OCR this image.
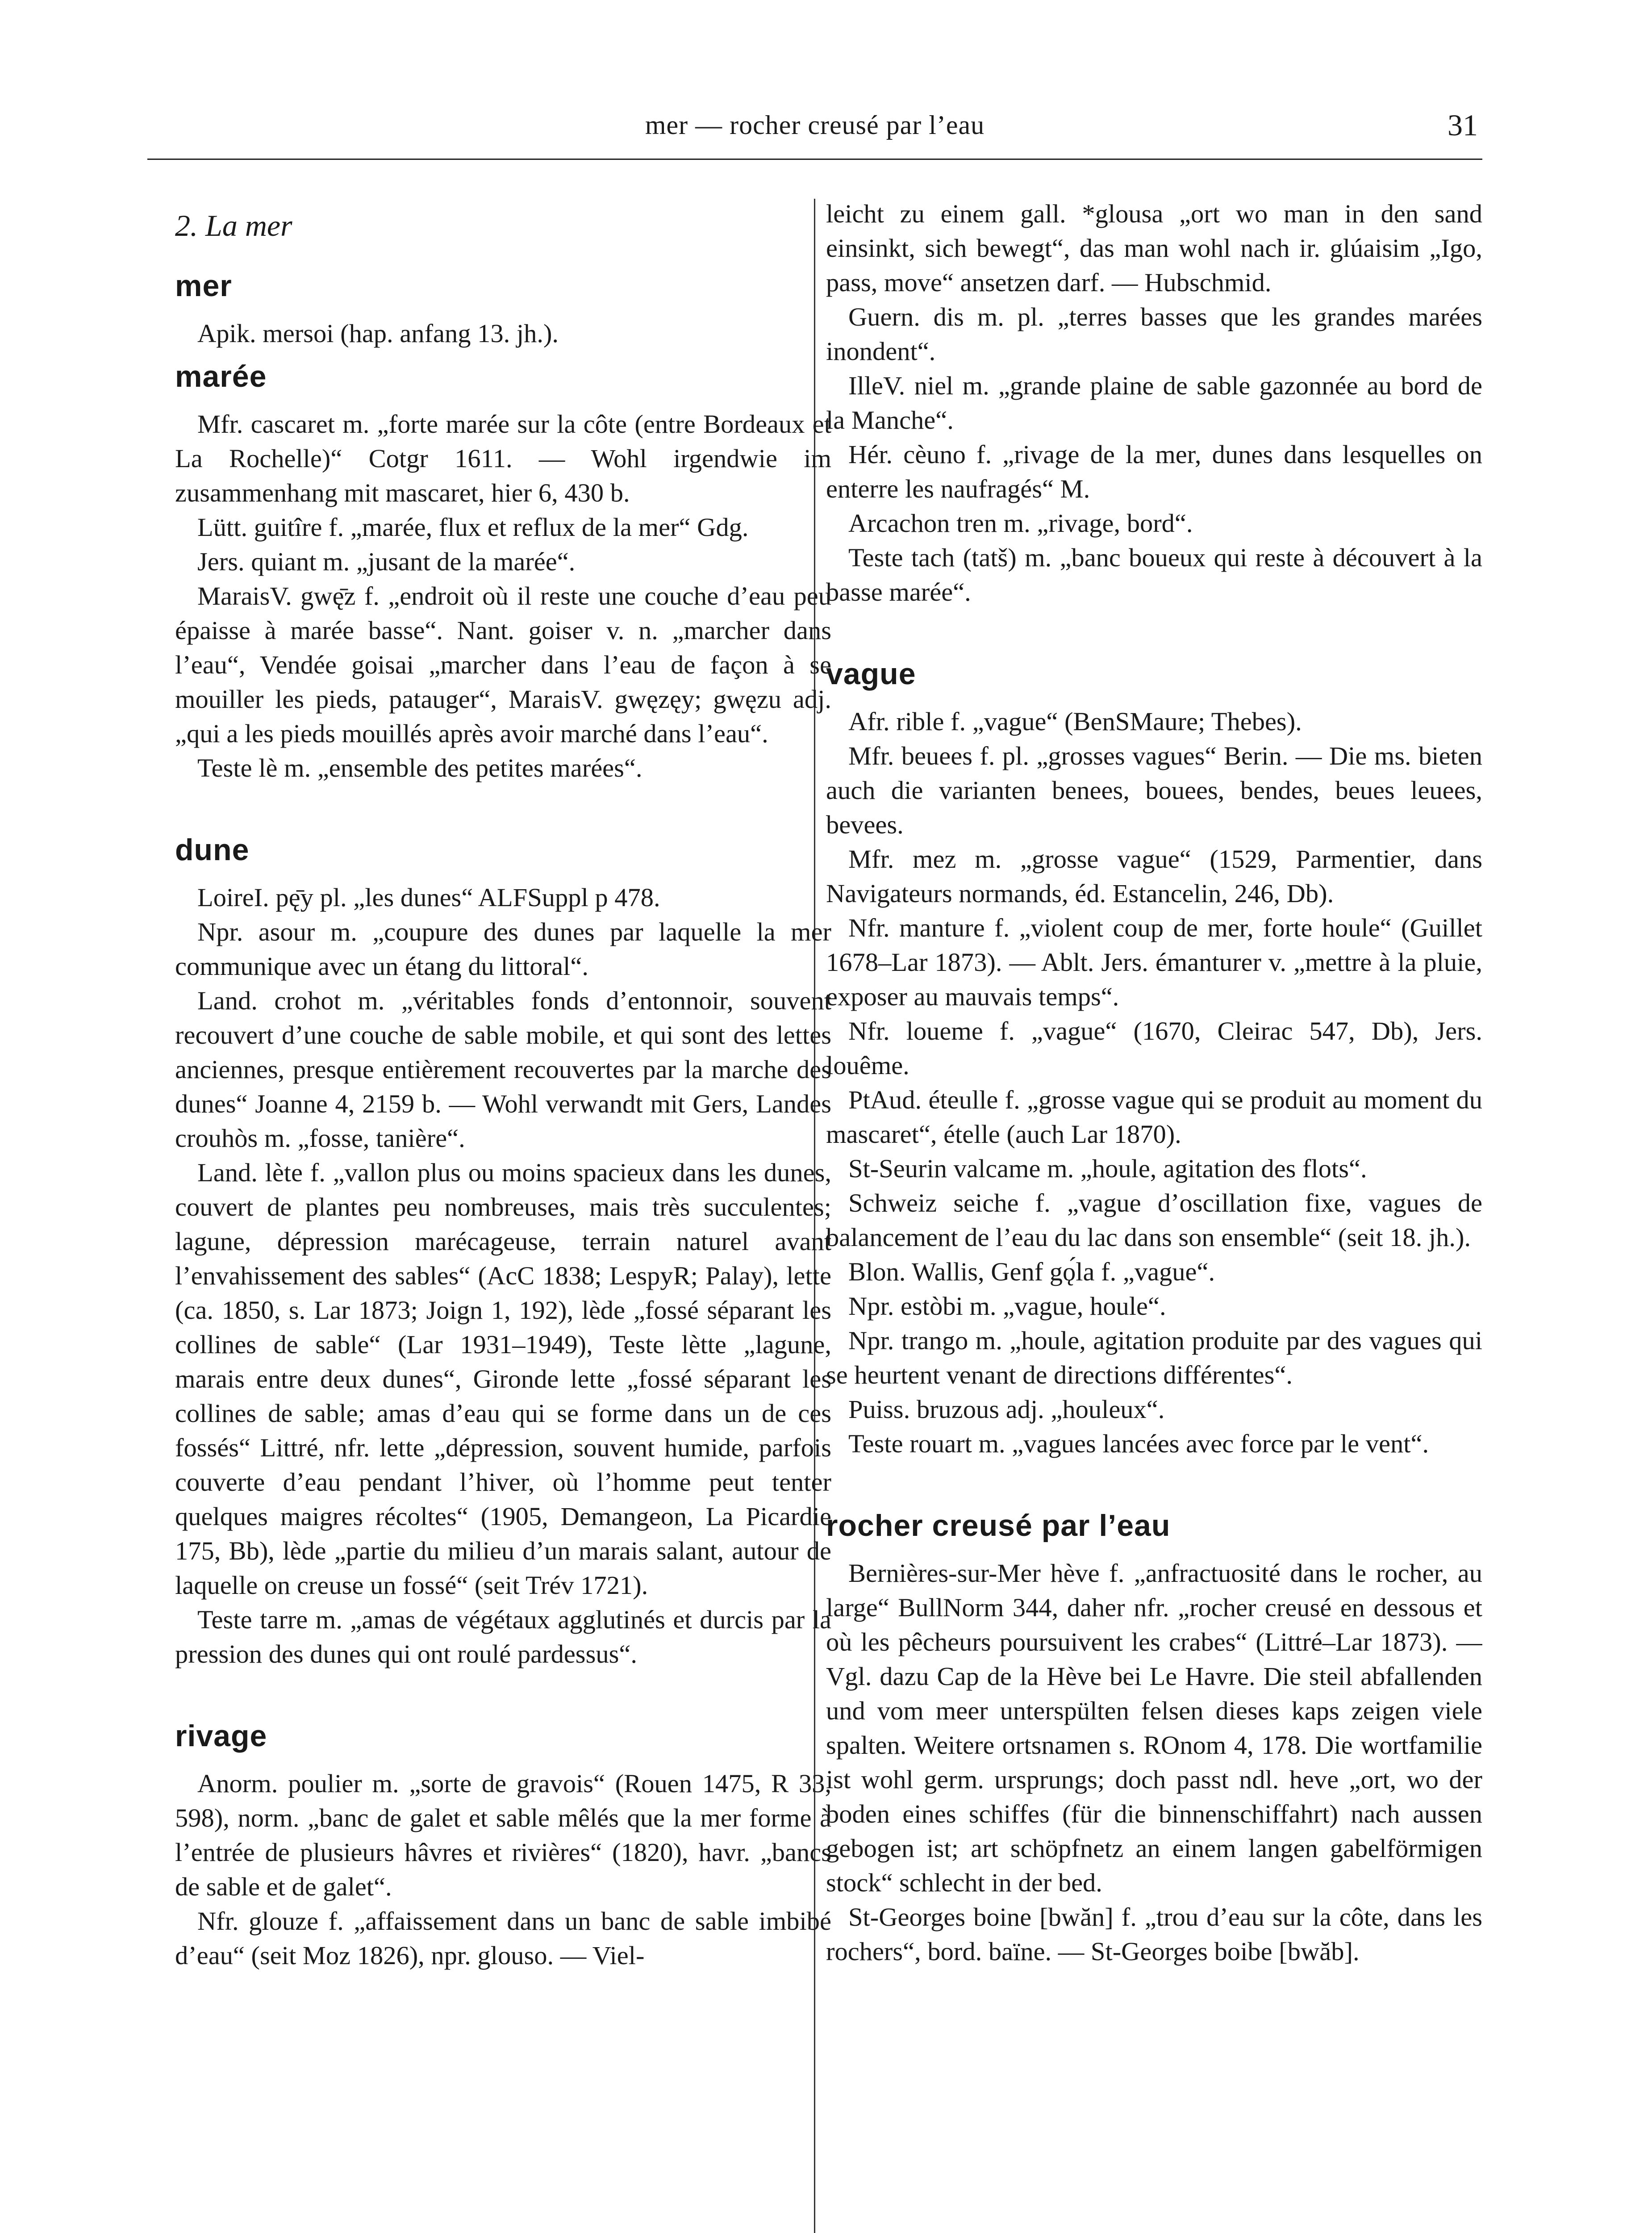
mer — rocher creusé par l’eau	31
2. La mer
mer

Apik. mersoi (hap. anfang 13. jh.).

marée

Mfr. cascaret m. „forte marée sur la côte (entre Bordeaux et La Rochelle)“ Cotgr 1611. — Wohl irgendwie im zusammenhang mit mascaret, hier 6, 430 b.

Lütt. guitîre f. „marée, flux et reflux de la mer“ Gdg.

Jers. quiant m. „jusant de la marée“.

MaraisV. gwę̄z f. „endroit où il reste une couche d’eau peu épaisse à marée basse“. Nant. goiser v. n. „marcher dans l’eau“, Vendée goisai „marcher dans l’eau de façon à se mouiller les pieds, patauger“, MaraisV. gwęzęy; gwęzu adj. „qui a les pieds mouillés après avoir marché dans l’eau“.

Teste lè m. „ensemble des petites marées“.

dune

LoireI. pę̄y pl. „les dunes“ ALFSuppl p 478.

Npr. asour m. „coupure des dunes par laquelle la mer communique avec un étang du littoral“.

Land. crohot m. „véritables fonds d’entonnoir, souvent recouvert d’une couche de sable mobile, et qui sont des lettes anciennes, presque entièrement recouvertes par la marche des dunes“ Joanne 4, 2159 b. — Wohl verwandt mit Gers, Landes crouhòs m. „fosse, tanière“.

Land. lète f. „vallon plus ou moins spacieux dans les dunes, couvert de plantes peu nombreuses, mais très succulentes; lagune, dépression marécageuse, terrain naturel avant l’envahissement des sables“ (AcC 1838; LespyR; Palay), lette (ca. 1850, s. Lar 1873; Joign 1, 192), lède „fossé séparant les collines de sable“ (Lar 1931–1949), Teste lètte „lagune, marais entre deux dunes“, Gironde lette „fossé séparant les collines de sable; amas d’eau qui se forme dans un de ces fossés“ Littré, nfr. lette „dépression, souvent humide, parfois couverte d’eau pendant l’hiver, où l’homme peut tenter quelques maigres récoltes“ (1905, Demangeon, La Picardie 175, Bb), lède „partie du milieu d’un marais salant, autour de laquelle on creuse un fossé“ (seit Trév 1721).

Teste tarre m. „amas de végétaux agglutinés et durcis par la pression des dunes qui ont roulé pardessus“.

rivage

Anorm. poulier m. „sorte de gravois“ (Rouen 1475, R 33, 598), norm. „banc de galet et sable mêlés que la mer forme à l’entrée de plusieurs hâvres et rivières“ (1820), havr. „bancs de sable et de galet“.

Nfr. glouze f. „affaissement dans un banc de sable imbibé d’eau“ (seit Moz 1826), npr. glouso. — Viel-

leicht zu einem gall. *glousa „ort wo man in den sand einsinkt, sich bewegt“, das man wohl nach ir. glúaisim „Igo, pass, move“ ansetzen darf. — Hubschmid.

Guern. dis m. pl. „terres basses que les grandes marées inondent“.

IlleV. niel m. „grande plaine de sable gazonnée au bord de la Manche“.

Hér. cèuno f. „rivage de la mer, dunes dans lesquelles on enterre les naufragés“ M.

Arcachon tren m. „rivage, bord“.

Teste tach (tatš) m. „banc boueux qui reste à découvert à la basse marée“.

vague

Afr. rible f. „vague“ (BenSMaure; Thebes).

Mfr. beuees f. pl. „grosses vagues“ Berin. — Die ms. bieten auch die varianten benees, bouees, bendes, beues leuees, bevees.

Mfr. mez m. „grosse vague“ (1529, Parmentier, dans Navigateurs normands, éd. Estancelin, 246, Db).

Nfr. manture f. „violent coup de mer, forte houle“ (Guillet 1678–Lar 1873). — Ablt. Jers. émanturer v. „mettre à la pluie, exposer au mauvais temps“.

Nfr. loueme f. „vague“ (1670, Cleirac 547, Db), Jers. louême.

PtAud. éteulle f. „grosse vague qui se produit au moment du mascaret“, ételle (auch Lar 1870).

St-Seurin valcame m. „houle, agitation des flots“.

Schweiz seiche f. „vague d’oscillation fixe, vagues de balancement de l’eau du lac dans son ensemble“ (seit 18. jh.).

Blon. Wallis, Genf gǫ́la f. „vague“.

Npr. estòbi m. „vague, houle“.

Npr. trango m. „houle, agitation produite par des vagues qui se heurtent venant de directions différentes“.

Puiss. bruzous adj. „houleux“.

Teste rouart m. „vagues lancées avec force par le vent“.

rocher creusé par l’eau

Bernières-sur-Mer hève f. „anfractuosité dans le rocher, au large“ BullNorm 344, daher nfr. „rocher creusé en dessous et où les pêcheurs poursuivent les crabes“ (Littré–Lar 1873). — Vgl. dazu Cap de la Hève bei Le Havre. Die steil abfallenden und vom meer unterspülten felsen dieses kaps zeigen viele spalten. Weitere ortsnamen s. ROnom 4, 178. Die wortfamilie ist wohl germ. ursprungs; doch passt ndl. heve „ort, wo der boden eines schiffes (für die binnenschiffahrt) nach aussen gebogen ist; art schöpfnetz an einem langen gabelförmigen stock“ schlecht in der bed.

St-Georges boine [bwăn] f. „trou d’eau sur la côte, dans les rochers“, bord. baïne. — St-Georges boibe [bwăb].
